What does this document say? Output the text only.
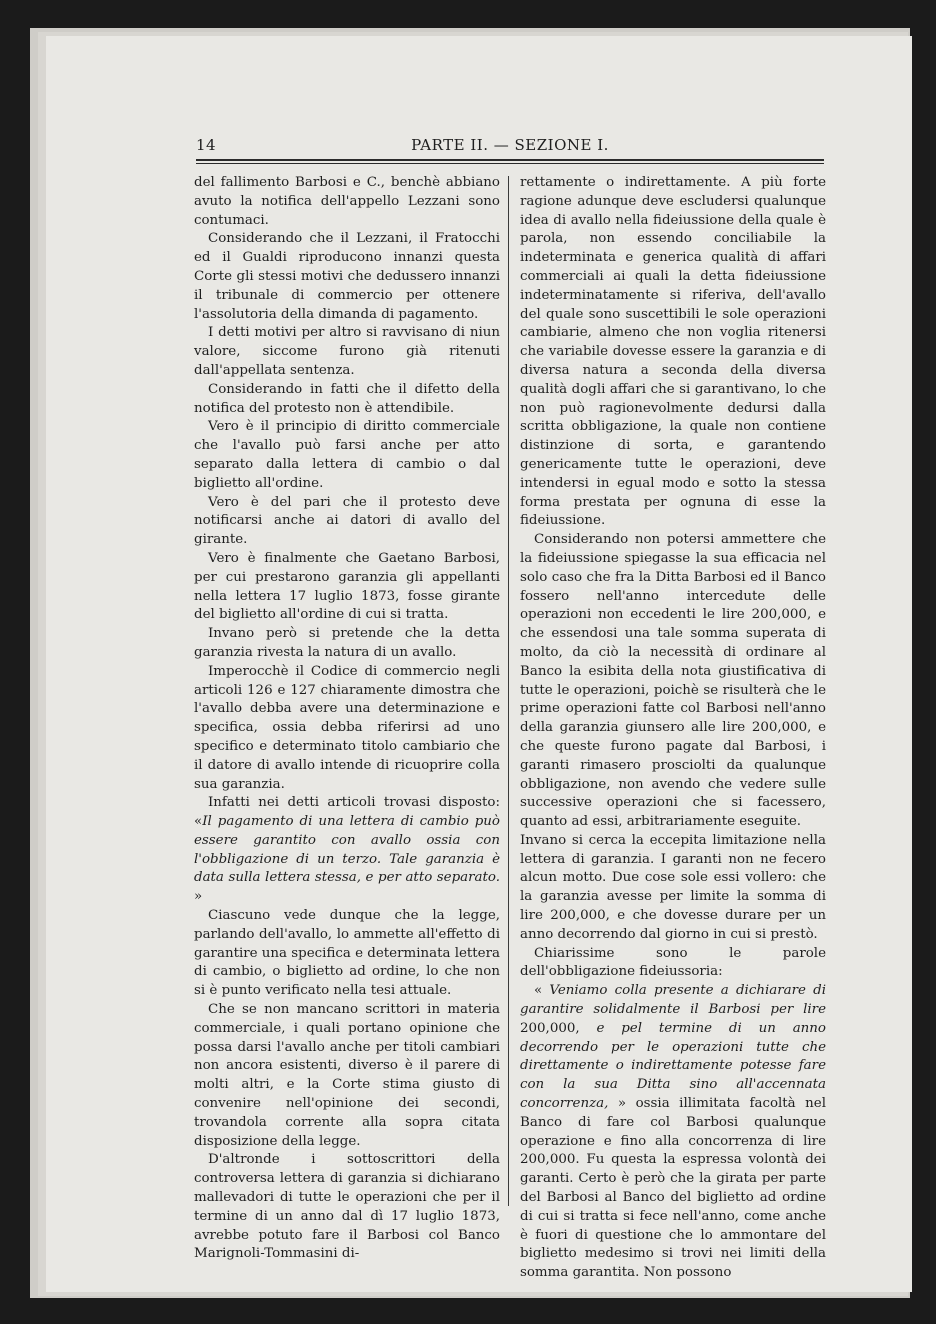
14	PARTE II. — SEZIONE I.

del fallimento Barbosi e C., benchè abbiano avuto la notifica dell'appello Lezzani sono contumaci.

Considerando che il Lezzani, il Fratocchi ed il Gualdi riproducono innanzi questa Corte gli stessi motivi che dedussero innanzi il tribunale di commercio per ottenere l'assolutoria della dimanda di pagamento.

I detti motivi per altro si ravvisano di niun valore, siccome furono già ritenuti dall'appellata sentenza.

Considerando in fatti che il difetto della notifica del protesto non è attendibile.

Vero è il principio di diritto commerciale che l'avallo può farsi anche per atto separato dalla lettera di cambio o dal biglietto all'ordine.

Vero è del pari che il protesto deve notificarsi anche ai datori di avallo del girante.

Vero è finalmente che Gaetano Barbosi, per cui prestarono garanzia gli appellanti nella lettera 17 luglio 1873, fosse girante del biglietto all'ordine di cui si tratta.

Invano però si pretende che la detta garanzia rivesta la natura di un avallo.

Imperocchè il Codice di commercio negli articoli 126 e 127 chiaramente dimostra che l'avallo debba avere una determinazione e specifica, ossia debba riferirsi ad uno specifico e determinato titolo cambiario che il datore di avallo intende di ricuoprire colla sua garanzia.

Infatti nei detti articoli trovasi disposto: «Il pagamento di una lettera di cambio può essere garantito con avallo ossia con l'obbligazione di un terzo. Tale garanzia è data sulla lettera stessa, e per atto separato. »

Ciascuno vede dunque che la legge, parlando dell'avallo, lo ammette all'effetto di garantire una specifica e determinata lettera di cambio, o biglietto ad ordine, lo che non si è punto verificato nella tesi attuale.

Che se non mancano scrittori in materia commerciale, i quali portano opinione che possa darsi l'avallo anche per titoli cambiari non ancora esistenti, diverso è il parere di molti altri, e la Corte stima giusto di convenire nell'opinione dei secondi, trovandola corrente alla sopra citata disposizione della legge.

D'altronde i sottoscrittori della controversa lettera di garanzia si dichiarano mallevadori di tutte le operazioni che per il termine di un anno dal dì 17 luglio 1873, avrebbe potuto fare il Barbosi col Banco Marignoli-Tommasini di-

rettamente o indirettamente. A più forte ragione adunque deve escludersi qualunque idea di avallo nella fideiussione della quale è parola, non essendo conciliabile la indeterminata e generica qualità di affari commerciali ai quali la detta fideiussione indeterminatamente si riferiva, dell'avallo del quale sono suscettibili le sole operazioni cambiarie, almeno che non voglia ritenersi che variabile dovesse essere la garanzia e di diversa natura a seconda della diversa qualità dogli affari che si garantivano, lo che non può ragionevolmente dedursi dalla scritta obbligazione, la quale non contiene distinzione di sorta, e garantendo genericamente tutte le operazioni, deve intendersi in egual modo e sotto la stessa forma prestata per ognuna di esse la fideiussione.

Considerando non potersi ammettere che la fideiussione spiegasse la sua efficacia nel solo caso che fra la Ditta Barbosi ed il Banco fossero nell'anno intercedute delle operazioni non eccedenti le lire 200,000, e che essendosi una tale somma superata di molto, da ciò la necessità di ordinare al Banco la esibita della nota giustificativa di tutte le operazioni, poichè se risulterà che le prime operazioni fatte col Barbosi nell'anno della garanzia giunsero alle lire 200,000, e che queste furono pagate dal Barbosi, i garanti rimasero prosciolti da qualunque obbligazione, non avendo che vedere sulle successive operazioni che si facessero, quanto ad essi, arbitrariamente eseguite.

Invano si cerca la eccepita limitazione nella lettera di garanzia. I garanti non ne fecero alcun motto. Due cose sole essi vollero: che la garanzia avesse per limite la somma di lire 200,000, e che dovesse durare per un anno decorrendo dal giorno in cui si prestò.

Chiarissime sono le parole dell'obbligazione fideiussoria:

« Veniamo colla presente a dichiarare di garantire solidalmente il Barbosi per lire 200,000, e pel termine di un anno decorrendo per le operazioni tutte che direttamente o indirettamente potesse fare con la sua Ditta sino all'accennata concorrenza, » ossia illimitata facoltà nel Banco di fare col Barbosi qualunque operazione e fino alla concorrenza di lire 200,000. Fu questa la espressa volontà dei garanti. Certo è però che la girata per parte del Barbosi al Banco del biglietto ad ordine di cui si tratta si fece nell'anno, come anche è fuori di questione che lo ammontare del biglietto medesimo si trovi nei limiti della somma garantita. Non possono
